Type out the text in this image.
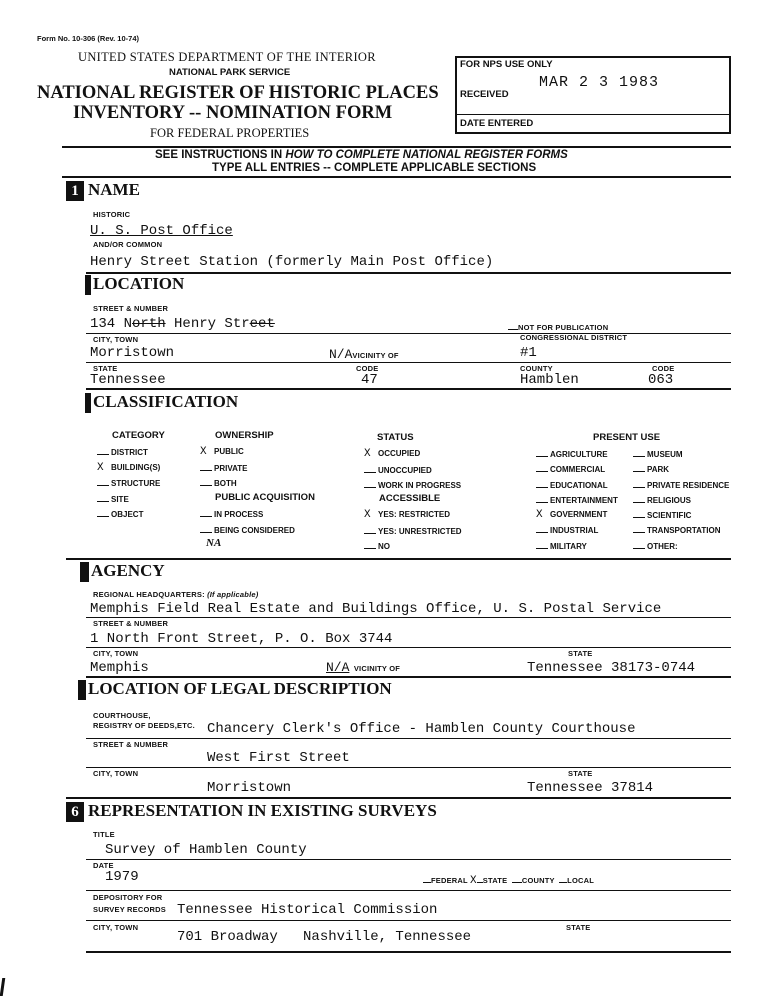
Form No. 10-306 (Rev. 10-74)
UNITED STATES DEPARTMENT OF THE INTERIOR
NATIONAL PARK SERVICE
NATIONAL REGISTER OF HISTORIC PLACES
INVENTORY -- NOMINATION FORM
FOR FEDERAL PROPERTIES
FOR NPS USE ONLY
RECEIVED
MAR 2 3 1983
DATE ENTERED
SEE INSTRUCTIONS IN HOW TO COMPLETE NATIONAL REGISTER FORMS
TYPE ALL ENTRIES -- COMPLETE APPLICABLE SECTIONS
1 NAME
HISTORIC
U. S. Post Office
AND/OR COMMON
Henry Street Station (formerly Main Post Office)
LOCATION
STREET & NUMBER
134 North Henry Street	NOT FOR PUBLICATION
CITY, TOWN	CONGRESSIONAL DISTRICT
Morristown	N/AVICINITY OF	#1
STATE	CODE	COUNTY	CODE
Tennessee	47	Hamblen	063
CLASSIFICATION
CATEGORY
DISTRICT
X BUILDING(S)
STRUCTURE
SITE
OBJECT
OWNERSHIP
X PUBLIC
PRIVATE
BOTH
PUBLIC ACQUISITION
IN PROCESS
BEING CONSIDERED
NA
STATUS
X OCCUPIED
UNOCCUPIED
WORK IN PROGRESS
ACCESSIBLE
X YES: RESTRICTED
YES: UNRESTRICTED
NO
PRESENT USE
AGRICULTURE
COMMERCIAL
EDUCATIONAL
ENTERTAINMENT
X GOVERNMENT
INDUSTRIAL
MILITARY
MUSEUM
PARK
PRIVATE RESIDENCE
RELIGIOUS
SCIENTIFIC
TRANSPORTATION
OTHER:
AGENCY
REGIONAL HEADQUARTERS: (If applicable)
Memphis Field Real Estate and Buildings Office, U. S. Postal Service
STREET & NUMBER
1 North Front Street, P. O. Box 3744
CITY, TOWN	STATE
Memphis	N/A VICINITY OF	Tennessee 38173-0744
LOCATION OF LEGAL DESCRIPTION
COURTHOUSE,
REGISTRY OF DEEDS,ETC. Chancery Clerk's Office - Hamblen County Courthouse
STREET & NUMBER
West First Street
CITY, TOWN	STATE
Morristown	Tennessee 37814
6 REPRESENTATION IN EXISTING SURVEYS
TITLE
Survey of Hamblen County
DATE
1979	FEDERAL X STATE COUNTY LOCAL
DEPOSITORY FOR
SURVEY RECORDS Tennessee Historical Commission
CITY, TOWN	STATE
701 Broadway   Nashville, Tennessee
